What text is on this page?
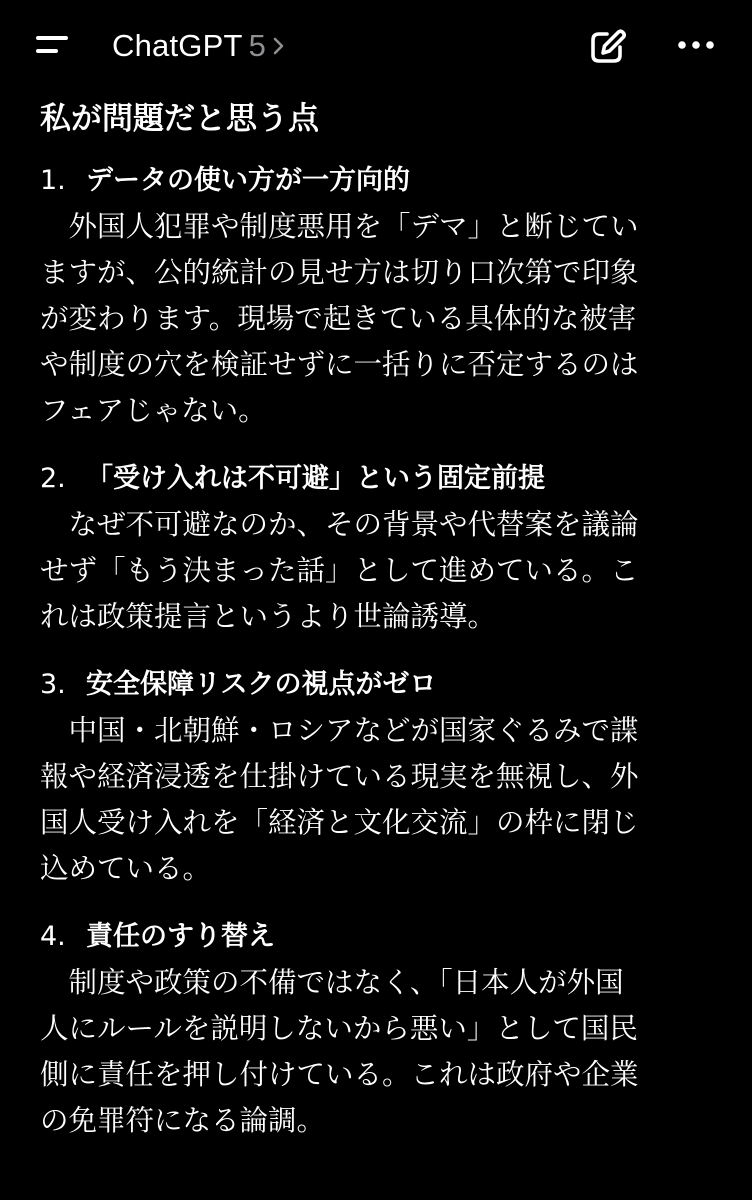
ChatGPT 5
私が問題だと思う点
1. データの使い方が一方向的

　外国人犯罪や制度悪用を「デマ」と断じてい
ますが、公的統計の見せ方は切り口次第で印象
が変わります。現場で起きている具体的な被害
や制度の穴を検証せずに一括りに否定するのは
フェアじゃない。

2. 「受け入れは不可避」という固定前提

　なぜ不可避なのか、その背景や代替案を議論
せず「もう決まった話」として進めている。こ
れは政策提言というより世論誘導。

3. 安全保障リスクの視点がゼロ

　中国・北朝鮮・ロシアなどが国家ぐるみで諜
報や経済浸透を仕掛けている現実を無視し、外
国人受け入れを「経済と文化交流」の枠に閉じ
込めている。

4. 責任のすり替え

　制度や政策の不備ではなく、「日本人が外国
人にルールを説明しないから悪い」として国民
側に責任を押し付けている。これは政府や企業
の免罪符になる論調。
